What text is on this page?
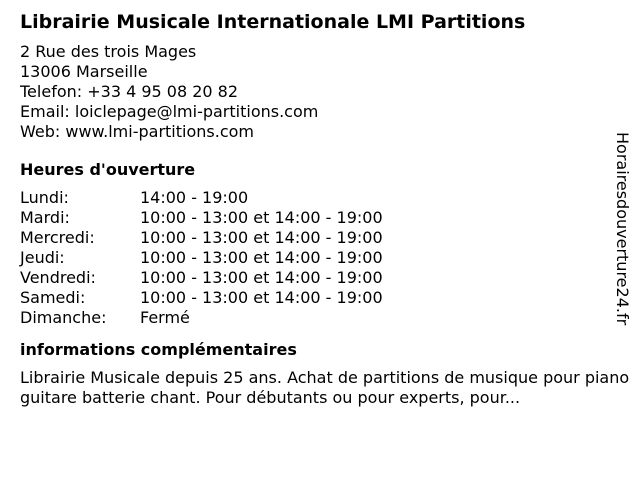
Librairie Musicale Internationale LMI Partitions
2 Rue des trois Mages
13006 Marseille
Telefon: +33 4 95 08 20 82
Email: loiclepage@lmi-partitions.com
Web: www.lmi-partitions.com
Heures d'ouverture
Lundi:	14:00 - 19:00
Mardi:	10:00 - 13:00 et 14:00 - 19:00
Mercredi:	10:00 - 13:00 et 14:00 - 19:00
Jeudi:	10:00 - 13:00 et 14:00 - 19:00
Vendredi:	10:00 - 13:00 et 14:00 - 19:00
Samedi:	10:00 - 13:00 et 14:00 - 19:00
Dimanche:	Fermé
informations complémentaires
Librairie Musicale depuis 25 ans. Achat de partitions de musique pour piano guitare batterie chant. Pour débutants ou pour experts, pour...
Horairesdouverture24.fr
